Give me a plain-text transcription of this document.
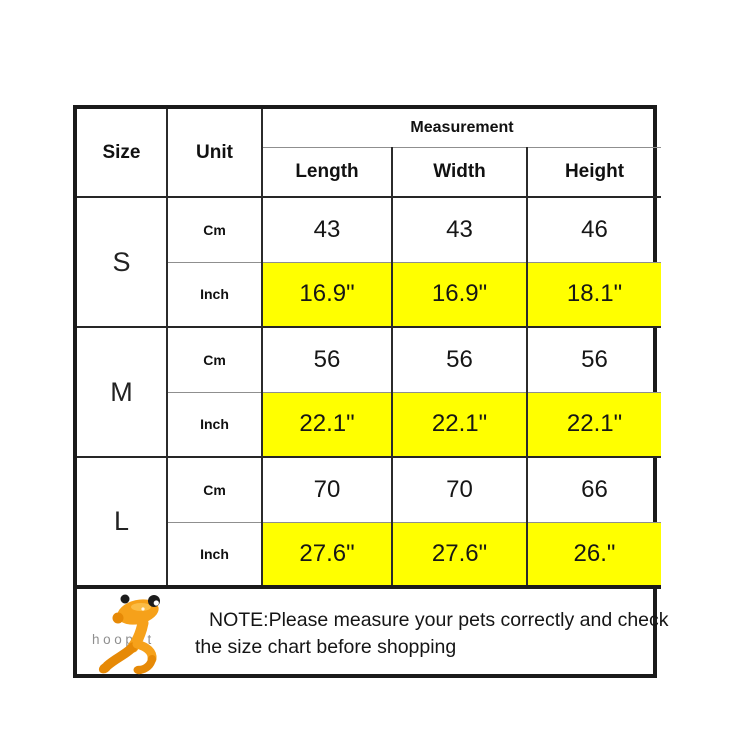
Size	Unit	Measurement		
		Length	Width	Height
S	Cm	43	43	46
	Inch	16.9"	16.9"	18.1"
M	Cm	56	56	56
	Inch	22.1"	22.1"	22.1"
L	Cm	70	70	66
	Inch	27.6"	27.6"	26."

hoopet
NOTE:Please measure your pets correctly and check
the size chart before shopping				
